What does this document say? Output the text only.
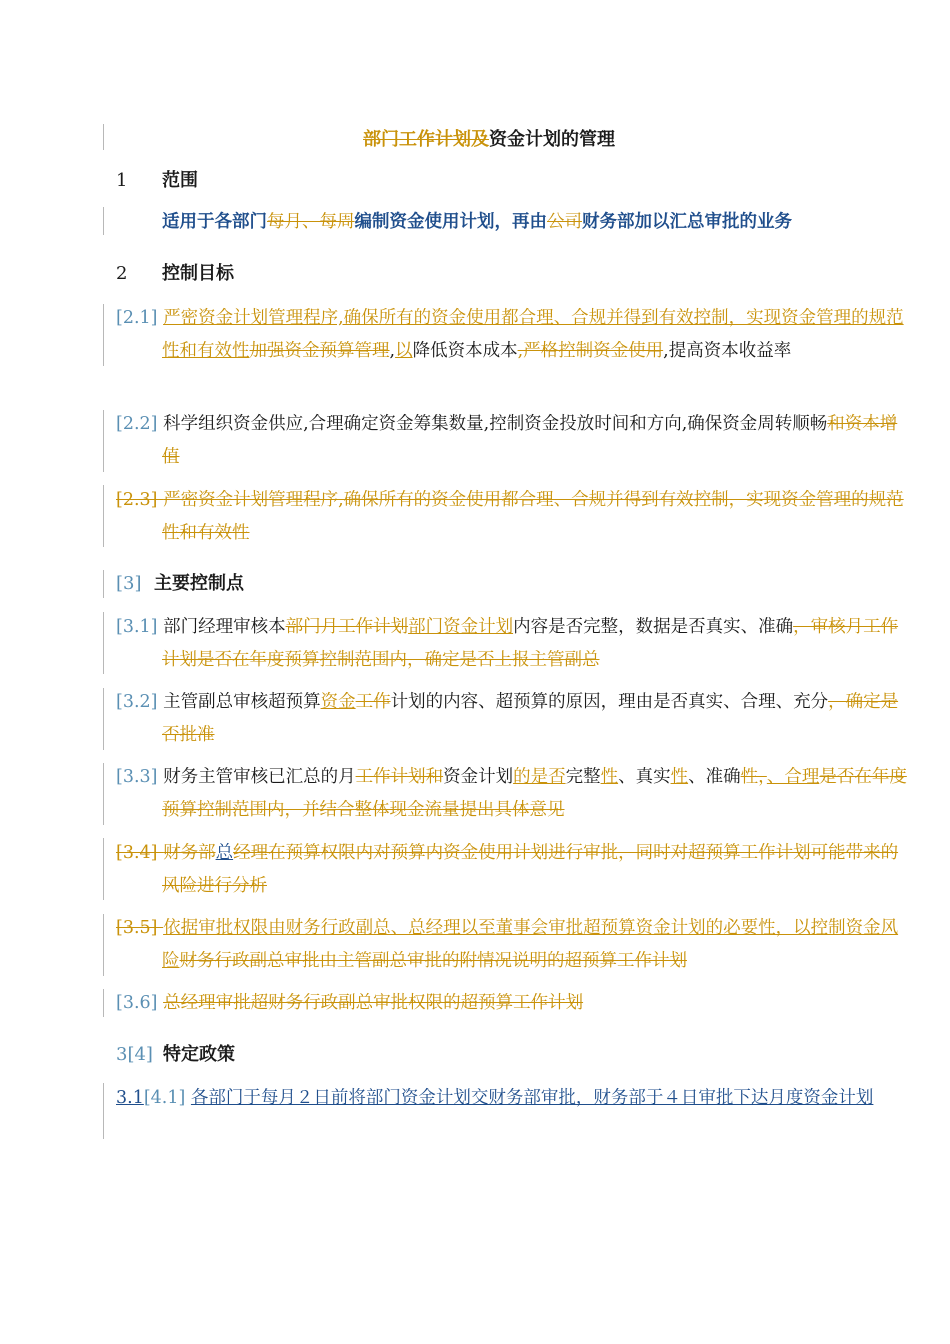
部门工作计划及资金计划的管理
1 范围
适用于各部门每月、每周编制资金使用计划，再由公司财务部加以汇总审批的业务
2 控制目标
[2.1] 严密资金计划管理程序,确保所有的资金使用都合理、合规并得到有效控制，实现资金管理的规范性和有效性加强资金预算管理,以降低资本成本,严格控制资金使用,提高资本收益率
[2.2] 科学组织资金供应,合理确定资金筹集数量,控制资金投放时间和方向,确保资金周转顺畅和资本增值
[2.3] 严密资金计划管理程序,确保所有的资金使用都合理、合规并得到有效控制，实现资金管理的规范性和有效性
[3] 主要控制点
[3.1] 部门经理审核本部门月工作计划部门资金计划内容是否完整，数据是否真实、准确，审核月工作计划是否在年度预算控制范围内，确定是否上报主管副总
[3.2] 主管副总审核超预算资金工作计划的内容、超预算的原因，理由是否真实、合理、充分，确定是否批准
[3.3] 财务主管审核已汇总的月工作计划和资金计划的是否完整性、真实性、准确性，、合理是否在年度预算控制范围内，并结合整体现金流量提出具体意见
[3.4] 财务部总经理在预算权限内对预算内资金使用计划进行审批，同时对超预算工作计划可能带来的风险进行分析
[3.5] 依据审批权限由财务行政副总、总经理以至董事会审批超预算资金计划的必要性，以控制资金风险财务行政副总审批由主管副总审批的附情况说明的超预算工作计划
[3.6] 总经理审批超财务行政副总审批权限的超预算工作计划
3[4] 特定政策
3.1[4.1] 各部门于每月２日前将部门资金计划交财务部审批，财务部于４日审批下达月度资金计划
